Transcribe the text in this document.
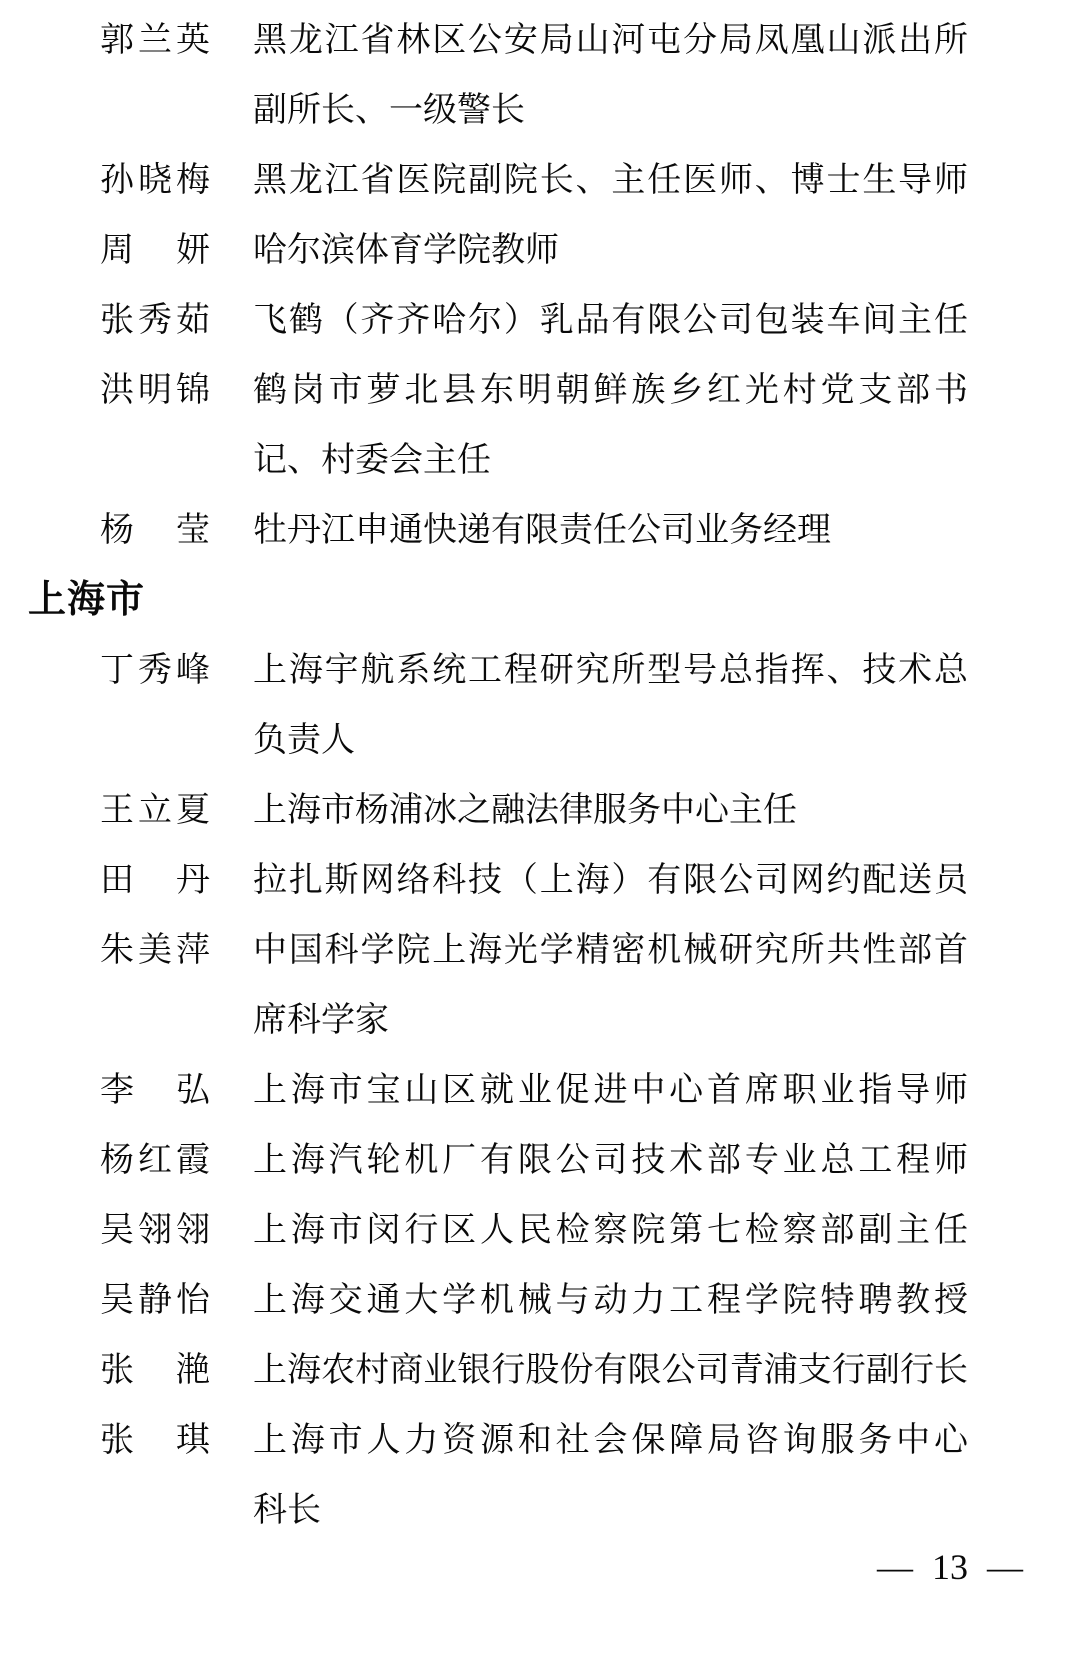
郭兰英 黑龙江省林区公安局山河屯分局凤凰山派出所
副所长、一级警长
孙晓梅 黑龙江省医院副院长、主任医师、博士生导师
周妍 哈尔滨体育学院教师
张秀茹 飞鹤（齐齐哈尔）乳品有限公司包装车间主任
洪明锦 鹤岗市萝北县东明朝鲜族乡红光村党支部书
记、村委会主任
杨莹 牡丹江申通快递有限责任公司业务经理
上海市
丁秀峰 上海宇航系统工程研究所型号总指挥、技术总
负责人
王立夏 上海市杨浦冰之融法律服务中心主任
田丹 拉扎斯网络科技（上海）有限公司网约配送员
朱美萍 中国科学院上海光学精密机械研究所共性部首
席科学家
李弘 上海市宝山区就业促进中心首席职业指导师
杨红霞 上海汽轮机厂有限公司技术部专业总工程师
吴翎翎 上海市闵行区人民检察院第七检察部副主任
吴静怡 上海交通大学机械与动力工程学院特聘教授
张滟 上海农村商业银行股份有限公司青浦支行副行长
张琪 上海市人力资源和社会保障局咨询服务中心
科长
— 13 —
